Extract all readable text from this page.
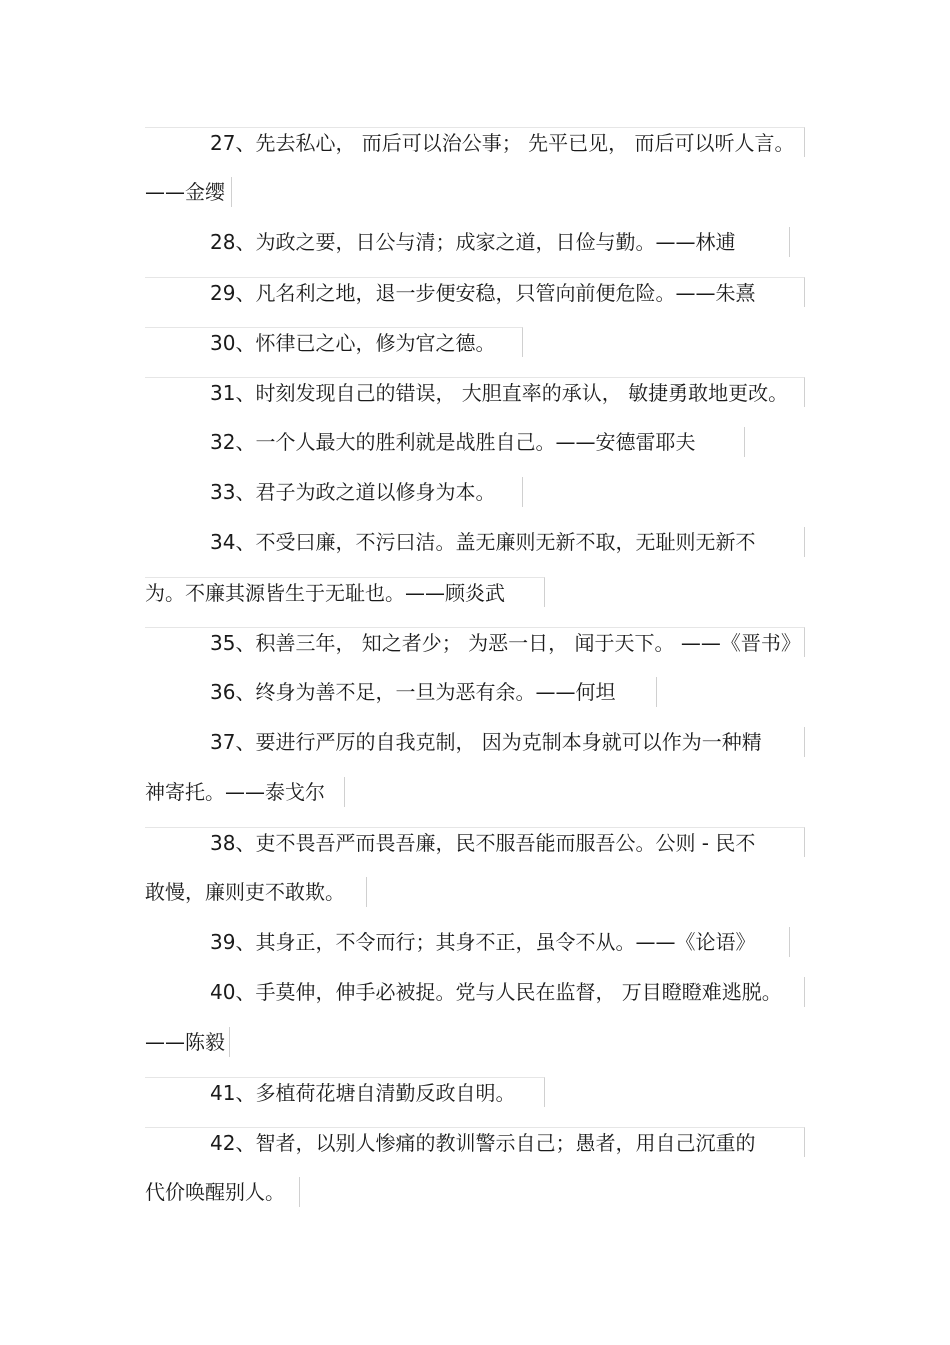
27、先去私心， 而后可以治公事； 先平已见， 而后可以听人言。
——金缨
28、为政之要，日公与清；成家之道，日俭与勤。——林逋
29、凡名利之地，退一步便安稳，只管向前便危险。——朱熹
30、怀律已之心，修为官之德。
31、时刻发现自己的错误， 大胆直率的承认， 敏捷勇敢地更改。
32、一个人最大的胜利就是战胜自己。——安德雷耶夫
33、君子为政之道以修身为本。
34、不受曰廉，不污曰洁。盖无廉则无新不取，无耻则无新不
为。不廉其源皆生于无耻也。——顾炎武
35、积善三年， 知之者少； 为恶一日， 闻于天下。 ——《晋书》
36、终身为善不足，一旦为恶有余。——何坦
37、要进行严厉的自我克制， 因为克制本身就可以作为一种精
神寄托。——泰戈尔
38、吏不畏吾严而畏吾廉，民不服吾能而服吾公。公则 - 民不
敢慢，廉则吏不敢欺。
39、其身正，不令而行；其身不正，虽令不从。——《论语》
40、手莫伸，伸手必被捉。党与人民在监督， 万目瞪瞪难逃脱。
——陈毅
41、多植荷花塘自清勤反政自明。
42、智者，以别人惨痛的教训警示自己；愚者，用自己沉重的
代价唤醒别人。
